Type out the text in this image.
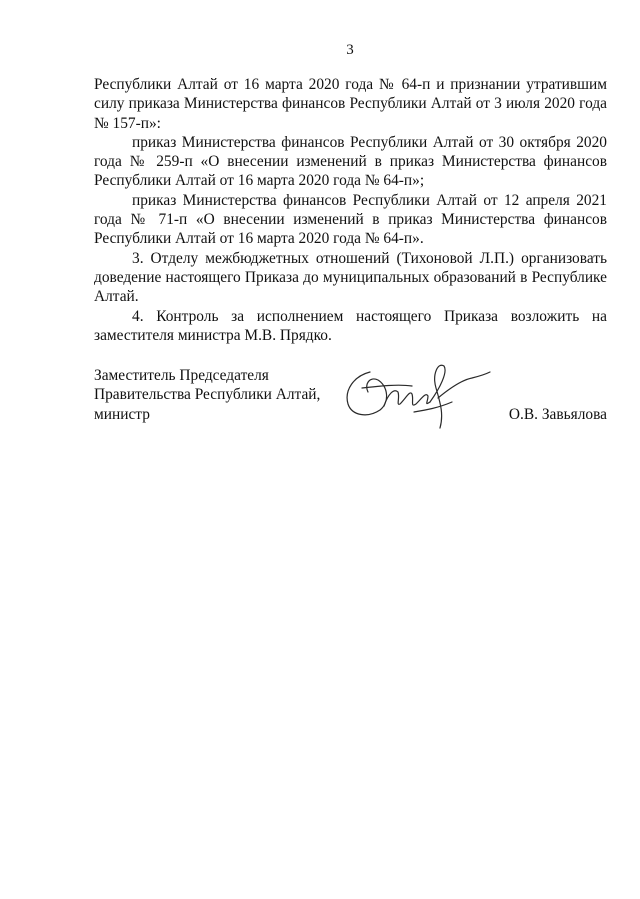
3

Республики Алтай от 16 марта 2020 года № 64-п и признании утратившим силу приказа Министерства финансов Республики Алтай от 3 июля 2020 года № 157-п»:

приказ Министерства финансов Республики Алтай от 30 октября 2020 года № 259-п «О внесении изменений в приказ Министерства финансов Республики Алтай от 16 марта 2020 года № 64-п»;

приказ Министерства финансов Республики Алтай от 12 апреля 2021 года № 71-п «О внесении изменений в приказ Министерства финансов Республики Алтай от 16 марта 2020 года № 64-п».

3. Отделу межбюджетных отношений (Тихоновой Л.П.) организовать доведение настоящего Приказа до муниципальных образований в Республике Алтай.

4. Контроль за исполнением настоящего Приказа возложить на заместителя министра М.В. Прядко.

Заместитель Председателя
Правительства Республики Алтай,
министр	О.В. Завьялова
